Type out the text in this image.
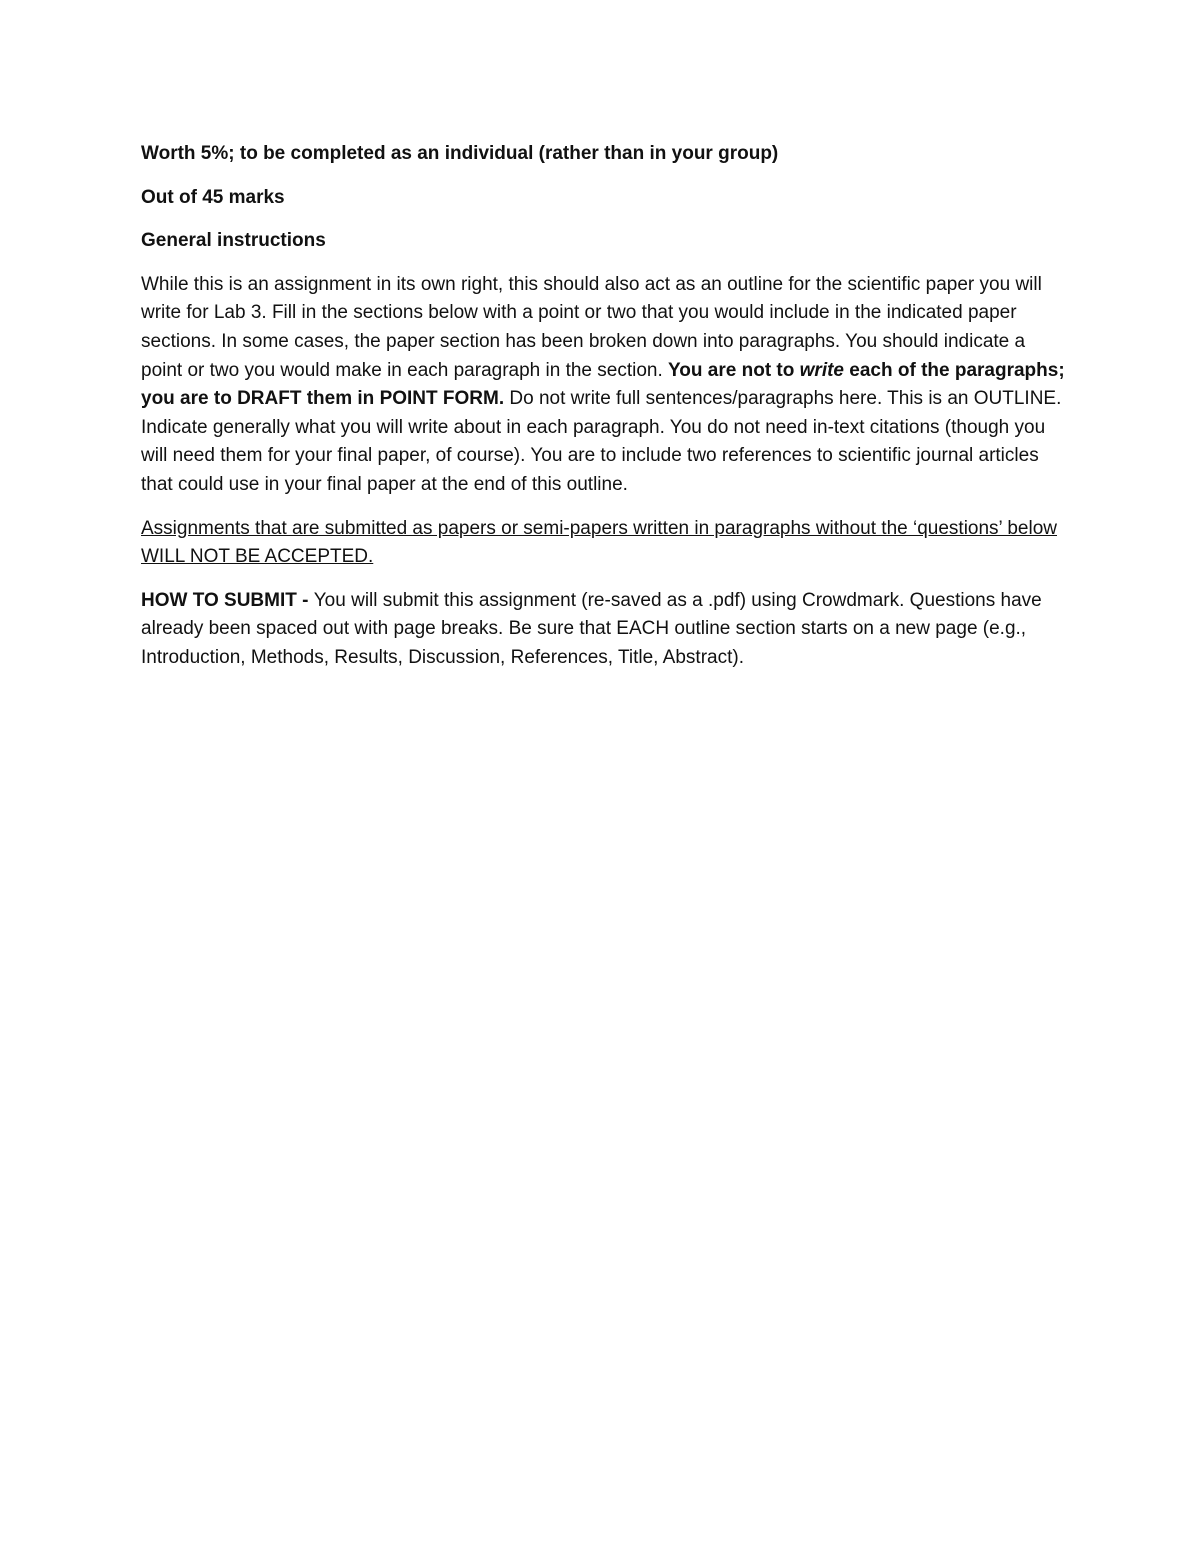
Worth 5%; to be completed as an individual (rather than in your group)

Out of 45 marks

General instructions

While this is an assignment in its own right, this should also act as an outline for the scientific paper you will write for Lab 3. Fill in the sections below with a point or two that you would include in the indicated paper sections. In some cases, the paper section has been broken down into paragraphs. You should indicate a point or two you would make in each paragraph in the section. You are not to write each of the paragraphs; you are to DRAFT them in POINT FORM. Do not write full sentences/paragraphs here. This is an OUTLINE. Indicate generally what you will write about in each paragraph. You do not need in-text citations (though you will need them for your final paper, of course). You are to include two references to scientific journal articles that could use in your final paper at the end of this outline.

Assignments that are submitted as papers or semi-papers written in paragraphs without the ‘questions’ below WILL NOT BE ACCEPTED.

HOW TO SUBMIT - You will submit this assignment (re-saved as a .pdf) using Crowdmark. Questions have already been spaced out with page breaks. Be sure that EACH outline section starts on a new page (e.g., Introduction, Methods, Results, Discussion, References, Title, Abstract).
